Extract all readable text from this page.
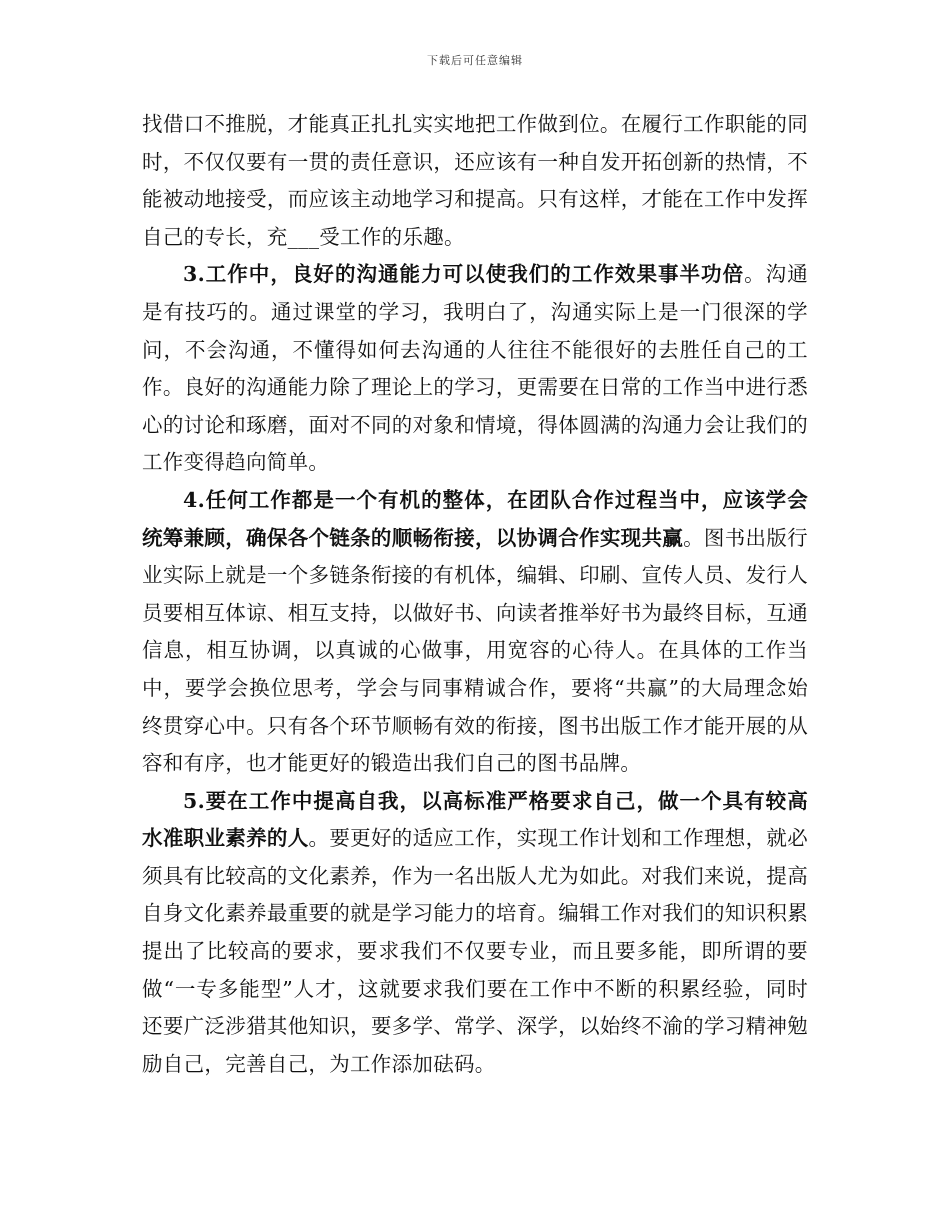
下载后可任意编辑

找借口不推脱，才能真正扎扎实实地把工作做到位。在履行工作职能的同时，不仅仅要有一贯的责任意识，还应该有一种自发开拓创新的热情，不能被动地接受，而应该主动地学习和提高。只有这样，才能在工作中发挥自己的专长，充___受工作的乐趣。

3.工作中，良好的沟通能力可以使我们的工作效果事半功倍。沟通是有技巧的。通过课堂的学习，我明白了，沟通实际上是一门很深的学问，不会沟通，不懂得如何去沟通的人往往不能很好的去胜任自己的工作。良好的沟通能力除了理论上的学习，更需要在日常的工作当中进行悉心的讨论和琢磨，面对不同的对象和情境，得体圆满的沟通力会让我们的工作变得趋向简单。

4.任何工作都是一个有机的整体，在团队合作过程当中，应该学会统筹兼顾，确保各个链条的顺畅衔接，以协调合作实现共赢。图书出版行业实际上就是一个多链条衔接的有机体，编辑、印刷、宣传人员、发行人员要相互体谅、相互支持，以做好书、向读者推举好书为最终目标，互通信息，相互协调，以真诚的心做事，用宽容的心待人。在具体的工作当中，要学会换位思考，学会与同事精诚合作，要将“共赢”的大局理念始终贯穿心中。只有各个环节顺畅有效的衔接，图书出版工作才能开展的从容和有序，也才能更好的锻造出我们自己的图书品牌。

5.要在工作中提高自我，以高标准严格要求自己，做一个具有较高水准职业素养的人。要更好的适应工作，实现工作计划和工作理想，就必须具有比较高的文化素养，作为一名出版人尤为如此。对我们来说，提高自身文化素养最重要的就是学习能力的培育。编辑工作对我们的知识积累提出了比较高的要求，要求我们不仅要专业，而且要多能，即所谓的要做“一专多能型”人才，这就要求我们要在工作中不断的积累经验，同时还要广泛涉猎其他知识，要多学、常学、深学，以始终不渝的学习精神勉励自己，完善自己，为工作添加砝码。
